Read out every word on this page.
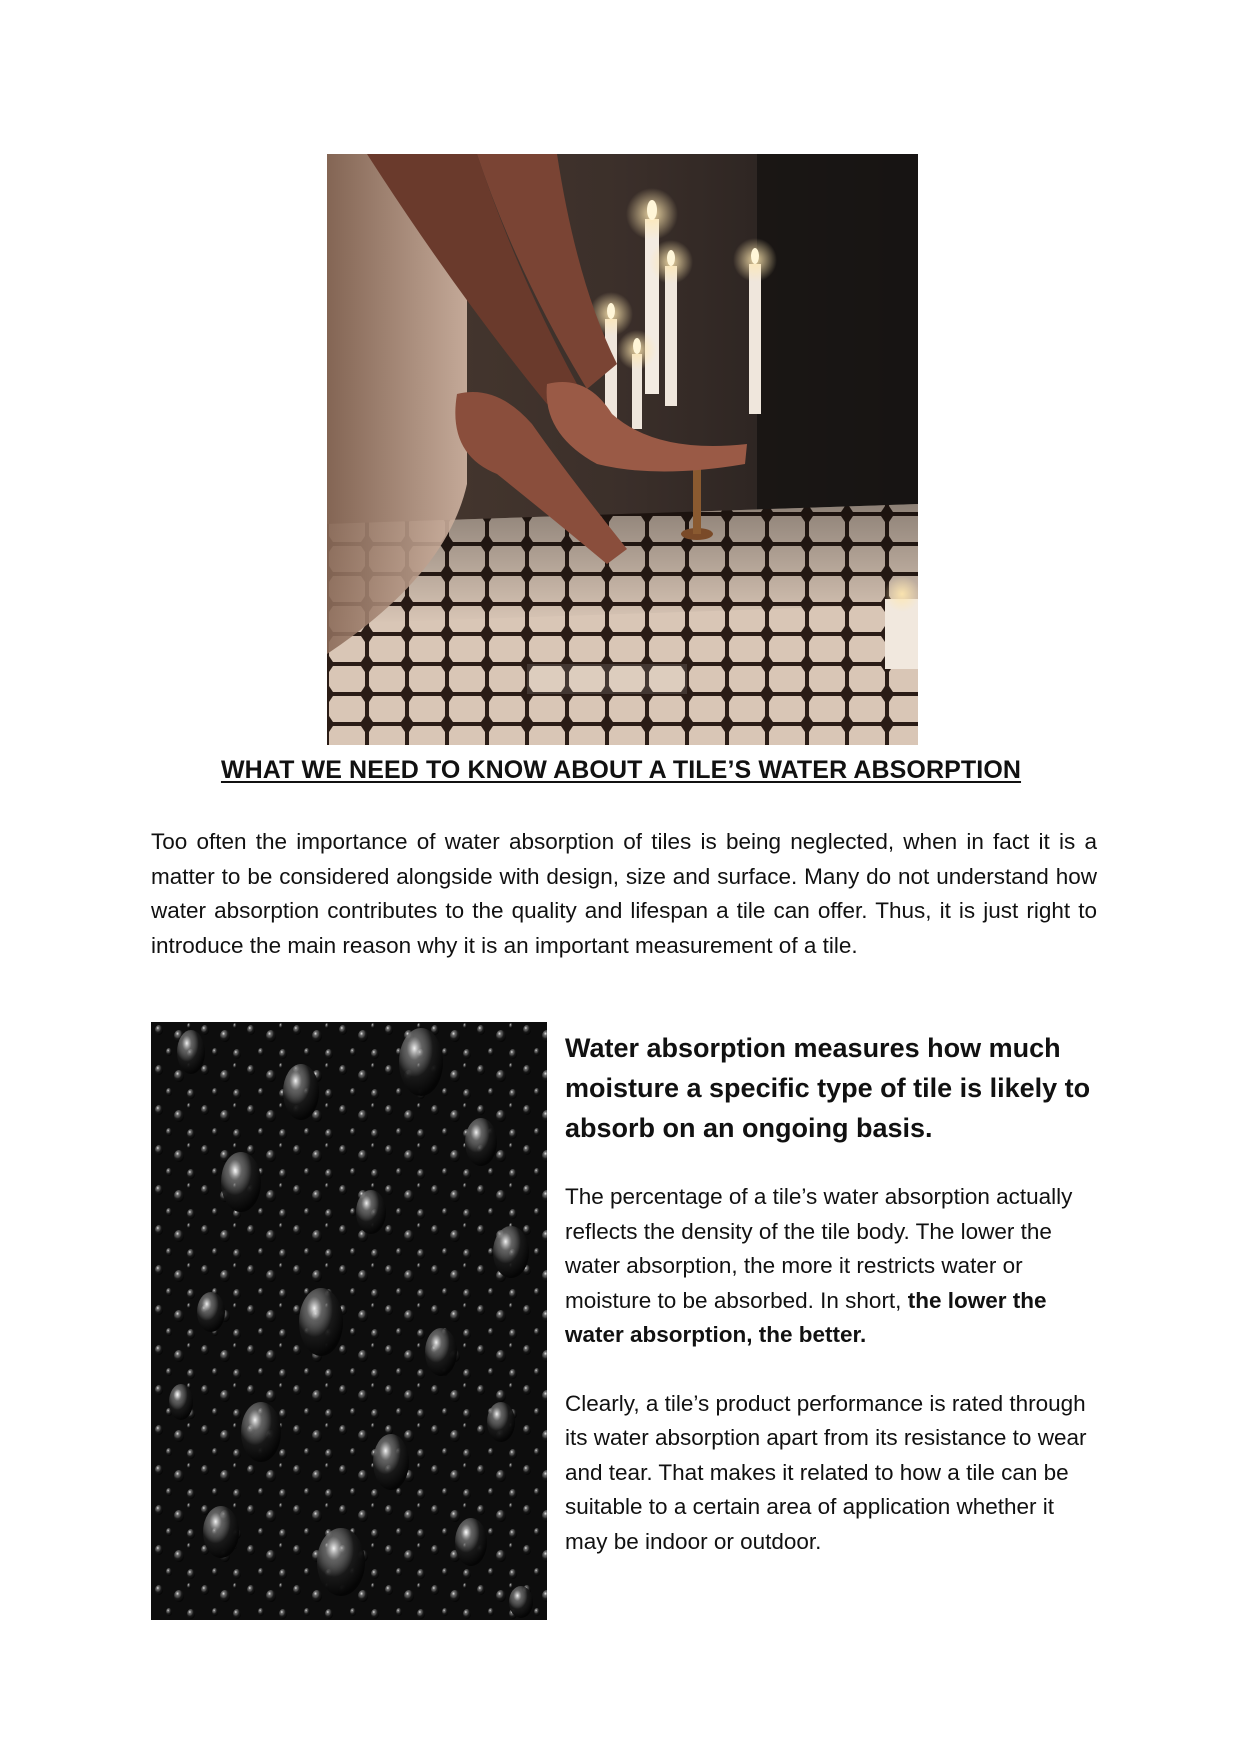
WHAT WE NEED TO KNOW ABOUT A TILE’S WATER ABSORPTION

Too often the importance of water absorption of tiles is being neglected, when in fact it is a matter to be considered alongside with design, size and surface. Many do not understand how water absorption contributes to the quality and lifespan a tile can offer. Thus, it is just right to introduce the main reason why it is an important measurement of a tile.

Water absorption measures how much moisture a specific type of tile is likely to absorb on an ongoing basis.

The percentage of a tile’s water absorption actually reflects the density of the tile body. The lower the water absorption, the more it restricts water or moisture to be absorbed. In short, the lower the water absorption, the better.

Clearly, a tile’s product performance is rated through its water absorption apart from its resistance to wear and tear. That makes it related to how a tile can be suitable to a certain area of application whether it may be indoor or outdoor.
